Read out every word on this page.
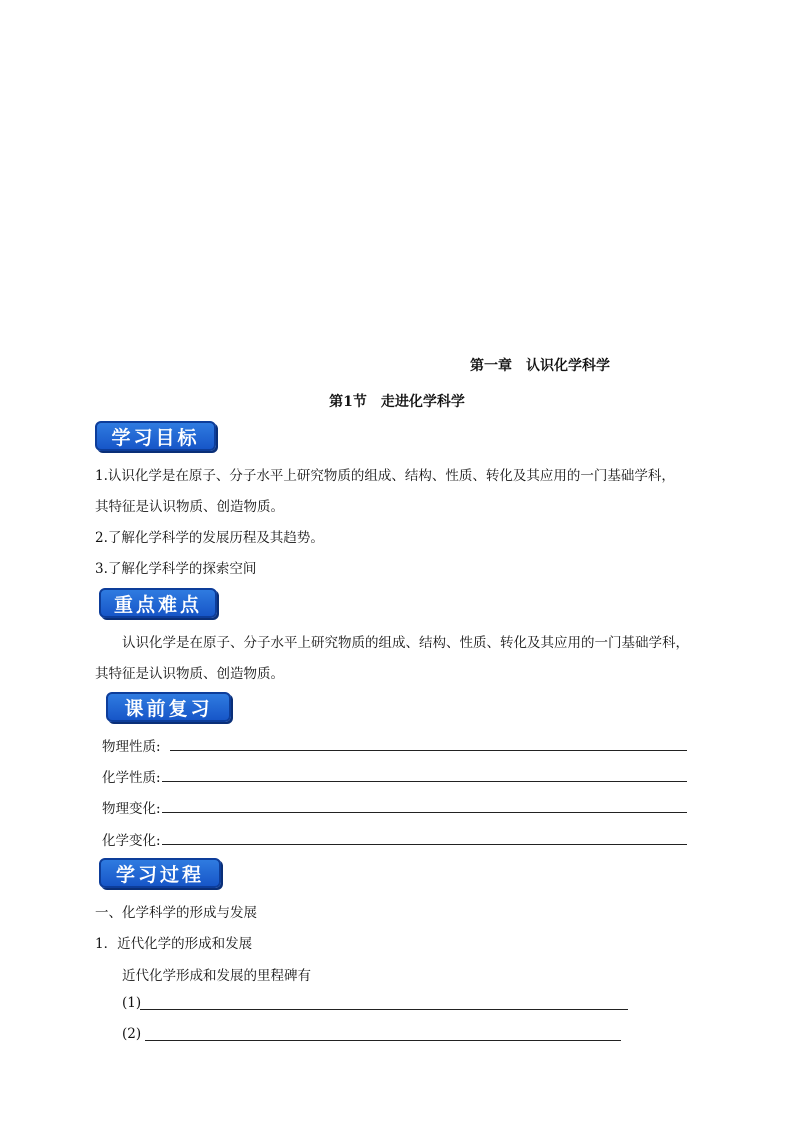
第一章　认识化学科学
第1节　走进化学科学
学习目标
1.认识化学是在原子、分子水平上研究物质的组成、结构、性质、转化及其应用的一门基础学科，
其特征是认识物质、创造物质。
2.了解化学科学的发展历程及其趋势。
3.了解化学科学的探索空间
重点难点
认识化学是在原子、分子水平上研究物质的组成、结构、性质、转化及其应用的一门基础学科，
其特征是认识物质、创造物质。
课前复习
物理性质:
化学性质:
物理变化:
化学变化:
学习过程
一、化学科学的形成与发展
1．近代化学的形成和发展
近代化学形成和发展的里程碑有
(1)
(2)
